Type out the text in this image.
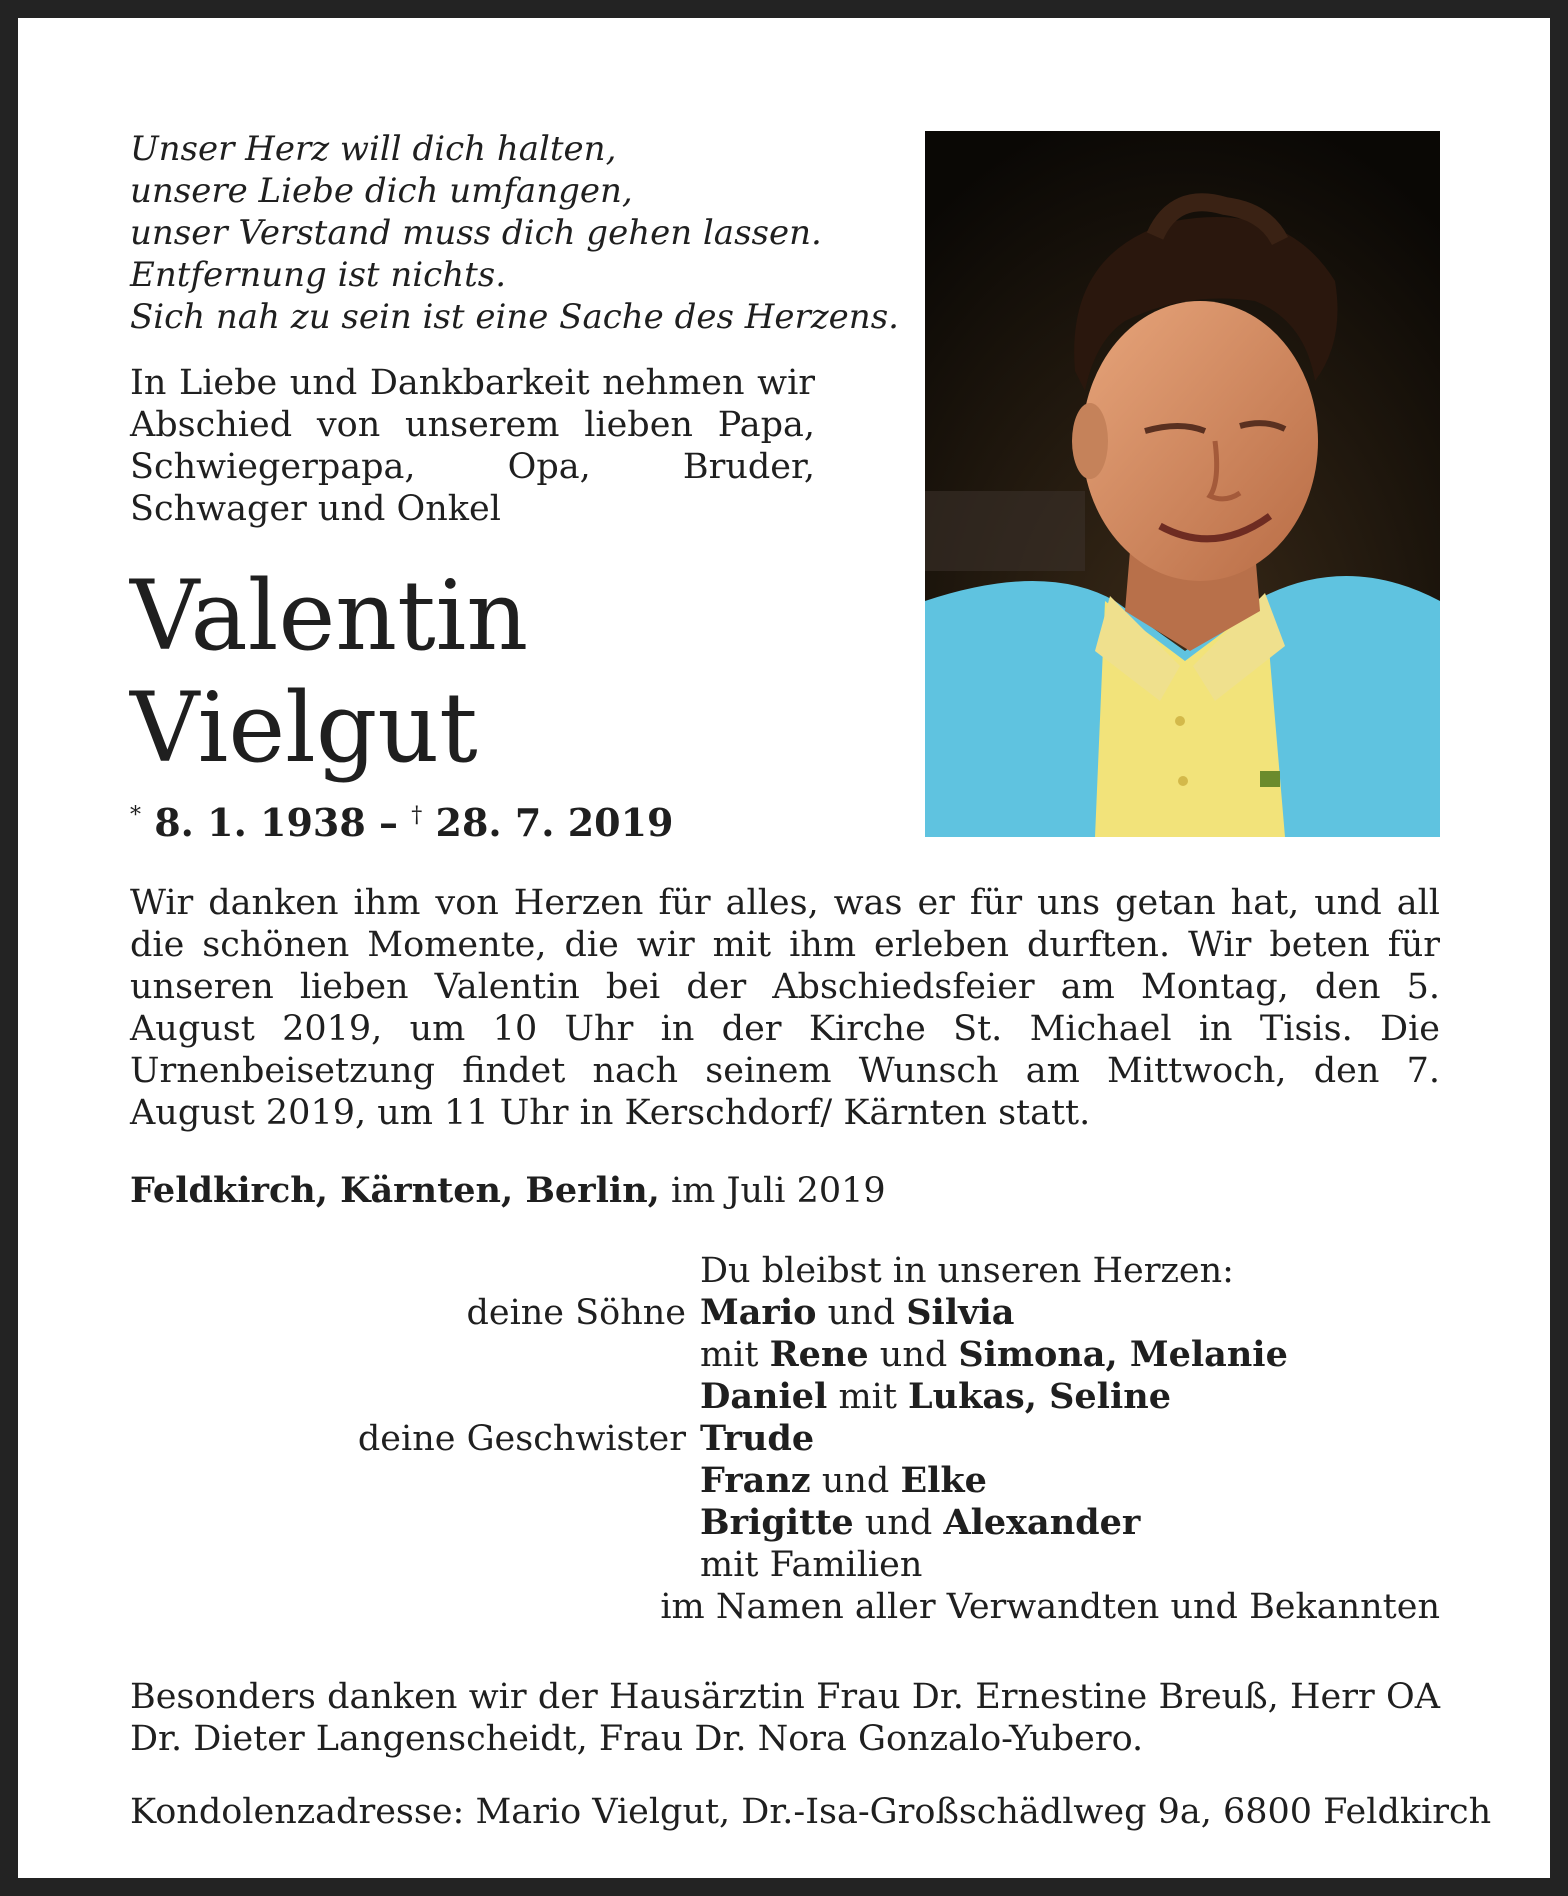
Unser Herz will dich halten,
unsere Liebe dich umfangen,
unser Verstand muss dich gehen lassen.
Entfernung ist nichts.
Sich nah zu sein ist eine Sache des Herzens.
In Liebe und Dankbarkeit nehmen wir Abschied von unserem lieben Papa, Schwiegerpapa, Opa, Bruder, Schwager und Onkel
Valentin
Vielgut
* 8. 1. 1938 – † 28. 7. 2019
Wir danken ihm von Herzen für alles, was er für uns getan hat, und all die schönen Momente, die wir mit ihm erleben durften. Wir beten für unseren lieben Valentin bei der Abschiedsfeier am Montag, den 5. August 2019, um 10 Uhr in der Kirche St. Michael in Tisis. Die Urnenbeisetzung findet nach seinem Wunsch am Mittwoch, den 7. August 2019, um 11 Uhr in Kerschdorf/ Kärnten statt.
Feldkirch, Kärnten, Berlin, im Juli 2019
Du bleibst in unseren Herzen:
deine Söhne Mario und Silvia
mit Rene und Simona, Melanie
Daniel mit Lukas, Seline
deine Geschwister Trude
Franz und Elke
Brigitte und Alexander
mit Familien
im Namen aller Verwandten und Bekannten
Besonders danken wir der Hausärztin Frau Dr. Ernestine Breuß, Herr OA Dr. Dieter Langenscheidt, Frau Dr. Nora Gonzalo-Yubero.
Kondolenzadresse: Mario Vielgut, Dr.-Isa-Großschädlweg 9a, 6800 Feldkirch
